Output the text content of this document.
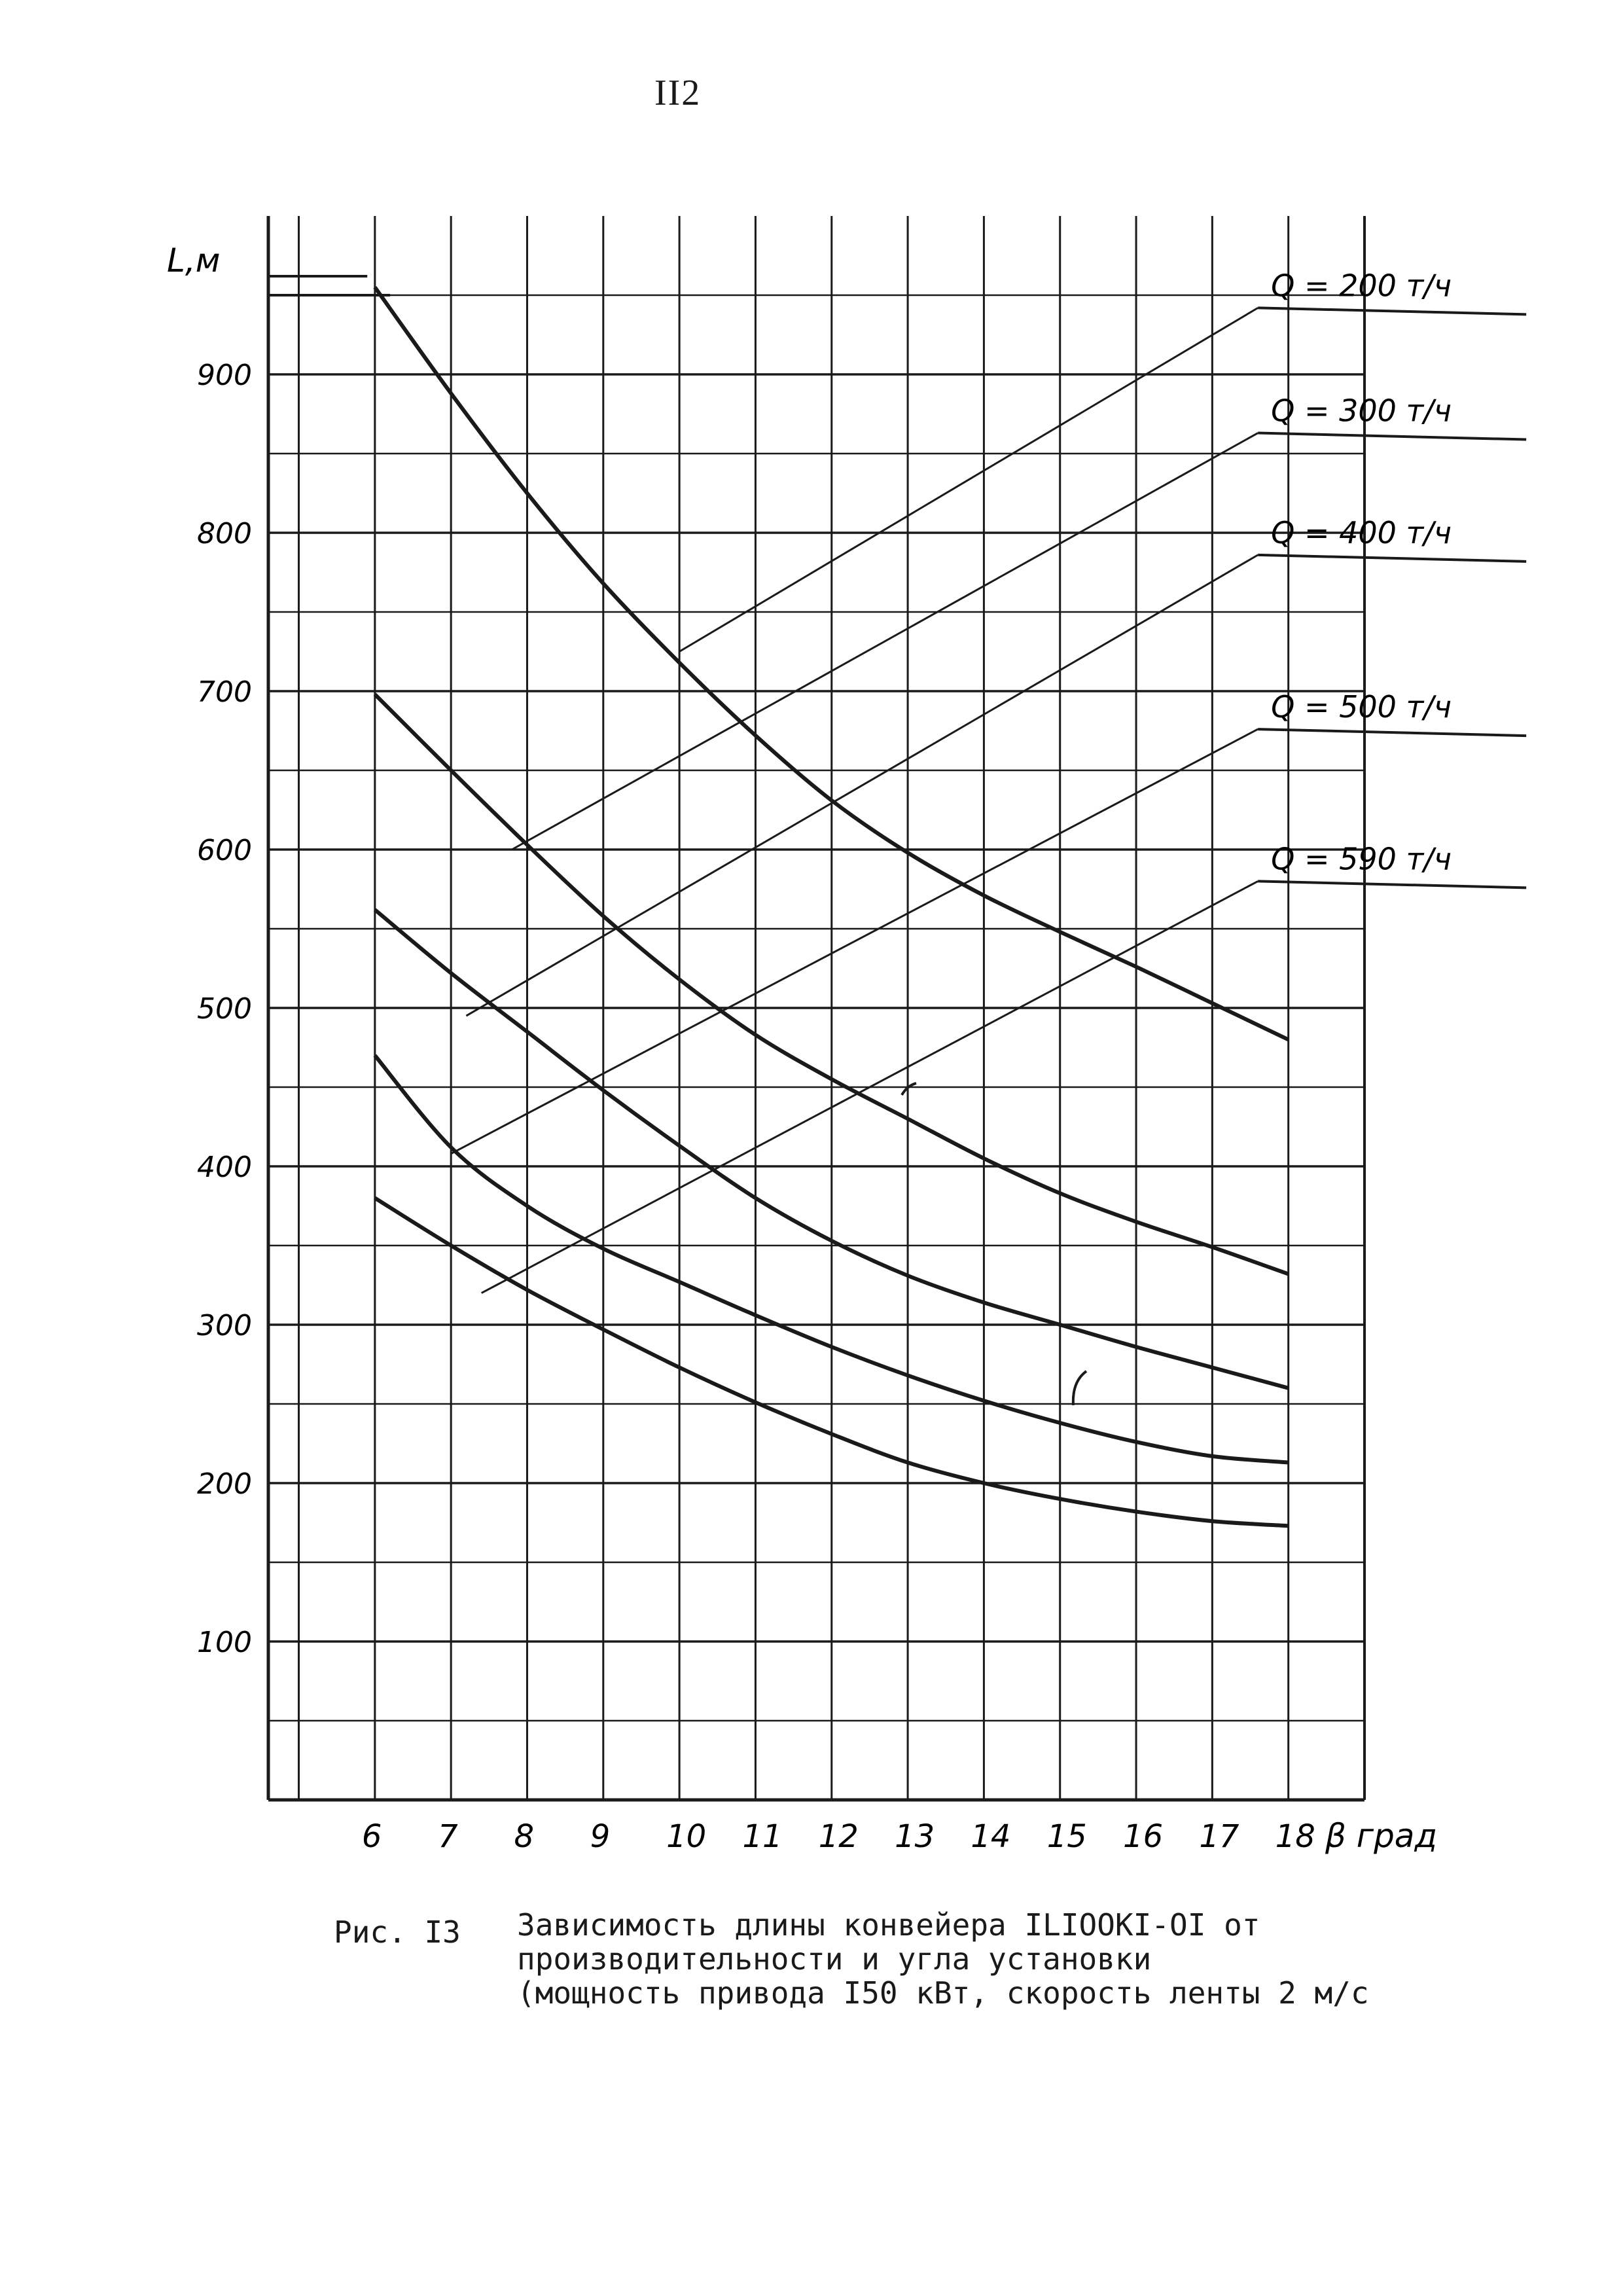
II2
100
200
300
400
500
600
700
800
900
6 7 8 9 10 11 12 13 14 15 16 17 18
Q = 200 т/ч
Q = 300 т/ч
Q = 400 т/ч
Q = 500 т/ч
Q = 590 т/ч
L,м
β град
Рис. I3 Зависимость длины конвейера ILIOOKI-OI от
производительности и угла установки
(мощность привода I50 кВт, скорость ленты 2 м/с
